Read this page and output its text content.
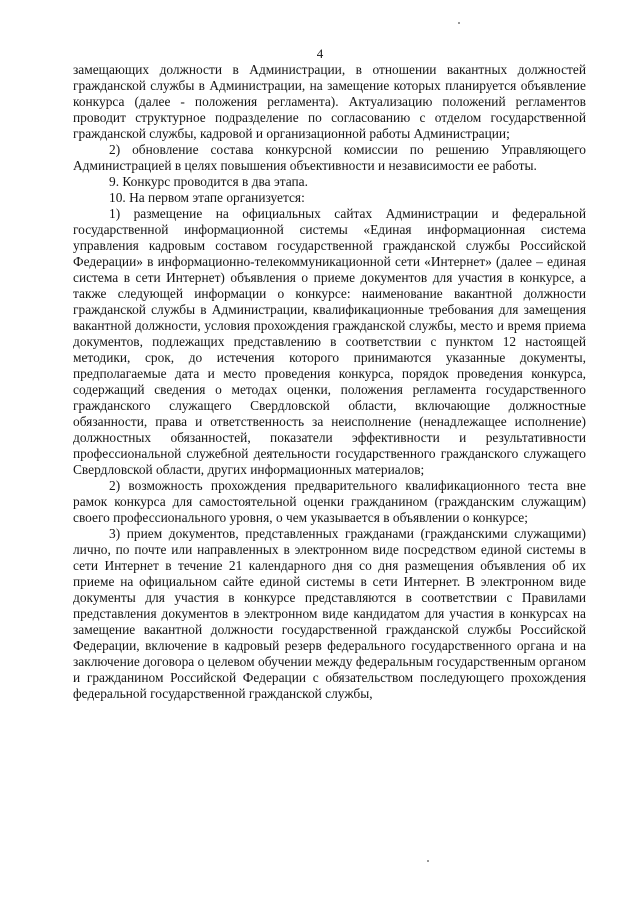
4

замещающих должности в Администрации, в отношении вакантных должностей гражданской службы в Администрации, на замещение которых планируется объявление конкурса (далее - положения регламента). Актуализацию положений регламентов проводит структурное подразделение по согласованию с отделом государственной гражданской службы, кадровой и организационной работы Администрации;

2) обновление состава конкурсной комиссии по решению Управляющего Администрацией в целях повышения объективности и независимости ее работы.

9. Конкурс проводится в два этапа.

10. На первом этапе организуется:

1) размещение на официальных сайтах Администрации и федеральной государственной информационной системы «Единая информационная система управления кадровым составом государственной гражданской службы Российской Федерации» в информационно-телекоммуникационной сети «Интернет» (далее – единая система в сети Интернет) объявления о приеме документов для участия в конкурсе, а также следующей информации о конкурсе: наименование вакантной должности гражданской службы в Администрации, квалификационные требования для замещения вакантной должности, условия прохождения гражданской службы, место и время приема документов, подлежащих представлению в соответствии с пунктом 12 настоящей методики, срок, до истечения которого принимаются указанные документы, предполагаемые дата и место проведения конкурса, порядок проведения конкурса, содержащий сведения о методах оценки, положения регламента государственного гражданского служащего Свердловской области, включающие должностные обязанности, права и ответственность за неисполнение (ненадлежащее исполнение) должностных обязанностей, показатели эффективности и результативности профессиональной служебной деятельности государственного гражданского служащего Свердловской области, других информационных материалов;

2) возможность прохождения предварительного квалификационного теста вне рамок конкурса для самостоятельной оценки гражданином (гражданским служащим) своего профессионального уровня, о чем указывается в объявлении о конкурсе;

3) прием документов, представленных гражданами (гражданскими служащими) лично, по почте или направленных в электронном виде посредством единой системы в сети Интернет в течение 21 календарного дня со дня размещения объявления об их приеме на официальном сайте единой системы в сети Интернет. В электронном виде документы для участия в конкурсе представляются в соответствии с Правилами представления документов в электронном виде кандидатом для участия в конкурсах на замещение вакантной должности государственной гражданской службы Российской Федерации, включение в кадровый резерв федерального государственного органа и на заключение договора о целевом обучении между федеральным государственным органом и гражданином Российской Федерации с обязательством последующего прохождения федеральной государственной гражданской службы,
